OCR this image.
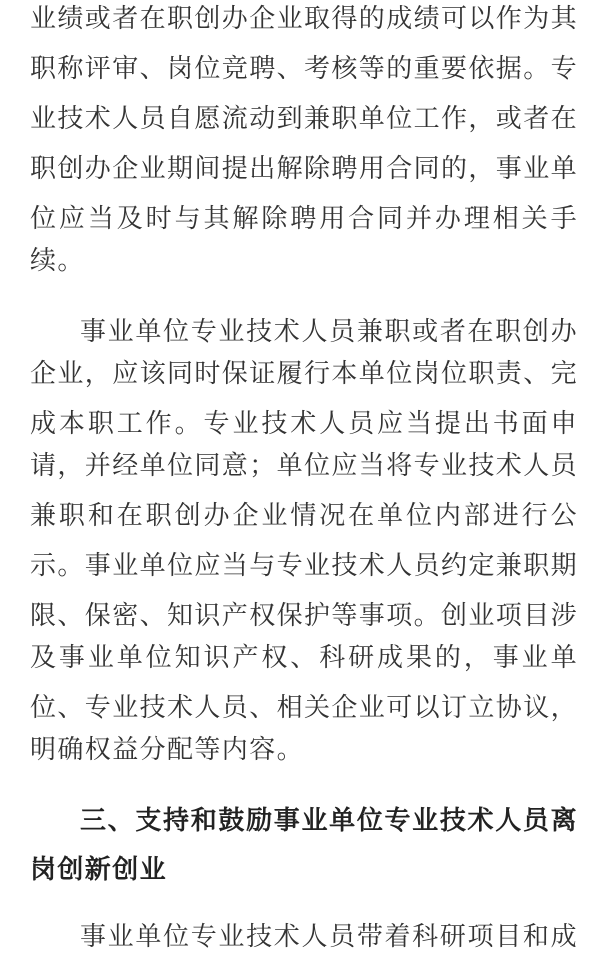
业绩或者在职创办企业取得的成绩可以作为其
职称评审、岗位竞聘、考核等的重要依据。专
业技术人员自愿流动到兼职单位工作，或者在
职创办企业期间提出解除聘用合同的，事业单
位应当及时与其解除聘用合同并办理相关手
续。
事业单位专业技术人员兼职或者在职创办
企业，应该同时保证履行本单位岗位职责、完
成本职工作。专业技术人员应当提出书面申
请，并经单位同意；单位应当将专业技术人员
兼职和在职创办企业情况在单位内部进行公
示。事业单位应当与专业技术人员约定兼职期
限、保密、知识产权保护等事项。创业项目涉
及事业单位知识产权、科研成果的，事业单
位、专业技术人员、相关企业可以订立协议，
明确权益分配等内容。
三、支持和鼓励事业单位专业技术人员离
岗创新创业
事业单位专业技术人员带着科研项目和成
